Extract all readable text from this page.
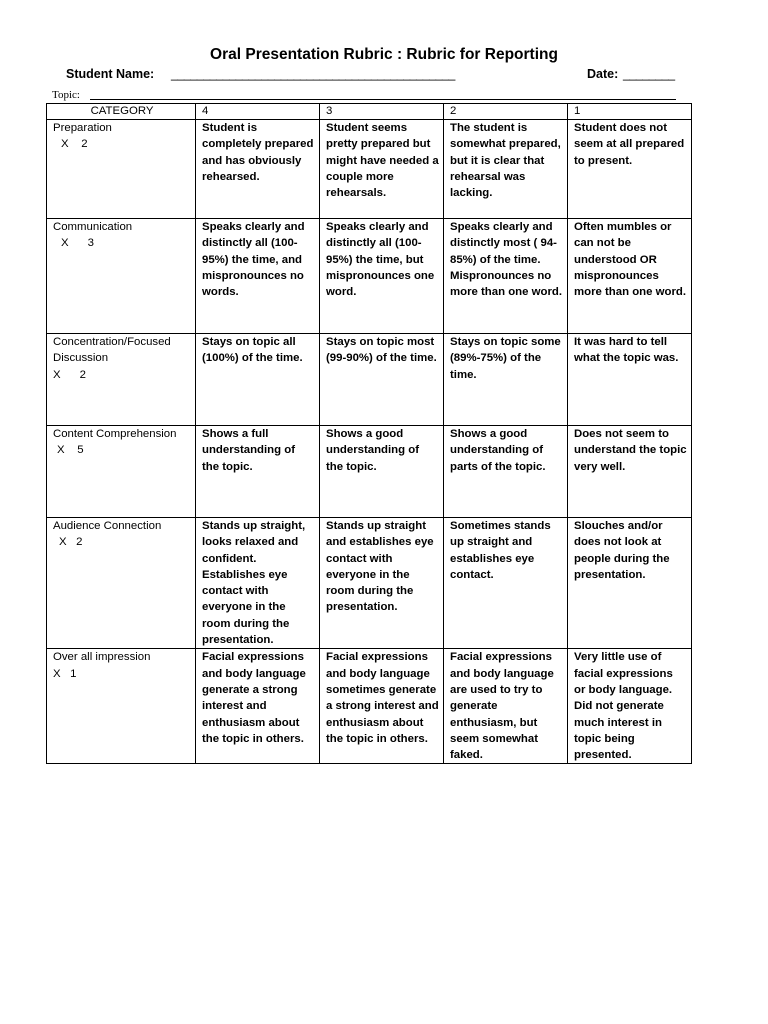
Oral Presentation Rubric : Rubric for Reporting
Student Name: ____________________________________________	Date: ________
Topic:
CATEGORY	4	3	2	1

Preparation
X    2	Student is completely prepared and has obviously rehearsed.	Student seems pretty prepared but might have needed a couple more rehearsals.	The student is somewhat prepared, but it is clear that rehearsal was lacking.	Student does not seem at all prepared to present.

Communication
X      3	Speaks clearly and distinctly all (100-95%) the time, and mispronounces no words.	Speaks clearly and distinctly all (100-95%) the time, but mispronounces one word.	Speaks clearly and distinctly most ( 94-85%) of the time. Mispronounces no more than one word.	Often mumbles or can not be understood OR mispronounces more than one word.

Concentration/Focused Discussion
X      2	Stays on topic all (100%) of the time.	Stays on topic most (99-90%) of the time.	Stays on topic some (89%-75%) of the time.	It was hard to tell what the topic was.

Content Comprehension
X    5	Shows a full understanding of the topic.	Shows a good understanding of the topic.	Shows a good understanding of parts of the topic.	Does not seem to understand the topic very well.

Audience Connection
X   2	Stands up straight, looks relaxed and confident. Establishes eye contact with everyone in the room during the presentation.	Stands up straight and establishes eye contact with everyone in the room during the presentation.	Sometimes stands up straight and establishes eye contact.	Slouches and/or does not look at people during the presentation.

Over all impression
X   1	Facial expressions and body language generate a strong interest and enthusiasm about the topic in others.	Facial expressions and body language sometimes generate a strong interest and enthusiasm about the topic in others.	Facial expressions and body language are used to try to generate enthusiasm, but seem somewhat faked.	Very little use of facial expressions or body language. Did not generate much interest in topic being presented.
